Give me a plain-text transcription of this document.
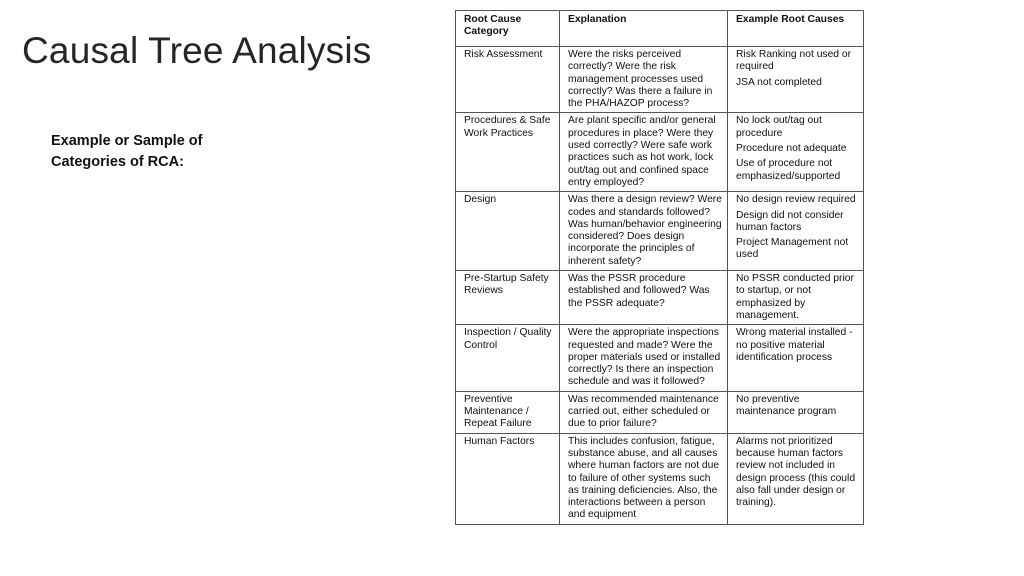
Causal Tree Analysis
Example or Sample of Categories of RCA:
Root Cause Category	Explanation	Example Root Causes
Risk Assessment	Were the risks perceived correctly? Were the risk management processes used correctly? Was there a failure in the PHA/HAZOP process?	Risk Ranking not used or required
JSA not completed

Procedures & Safe Work Practices	Are plant specific and/or general procedures in place? Were they used correctly? Were safe work practices such as hot work, lock out/tag out and confined space entry employed?	No lock out/tag out procedure
Procedure not adequate
Use of procedure not emphasized/supported

Design	Was there a design review? Were codes and standards followed? Was human/behavior engineering considered? Does design incorporate the principles of inherent safety?	No design review required
Design did not consider human factors
Project Management not used

Pre-Startup Safety Reviews	Was the PSSR procedure established and followed? Was the PSSR adequate?	No PSSR conducted prior to startup, or not emphasized by management.

Inspection / Quality Control	Were the appropriate inspections requested and made? Were the proper materials used or installed correctly? Is there an inspection schedule and was it followed?	Wrong material installed - no positive material identification process

Preventive Maintenance / Repeat Failure	Was recommended maintenance carried out, either scheduled or due to prior failure?	No preventive maintenance program

Human Factors	This includes confusion, fatigue, substance abuse, and all causes where human factors are not due to failure of other systems such as training deficiencies. Also, the interactions between a person and equipment	Alarms not prioritized because human factors review not included in design process (this could also fall under design or training).
